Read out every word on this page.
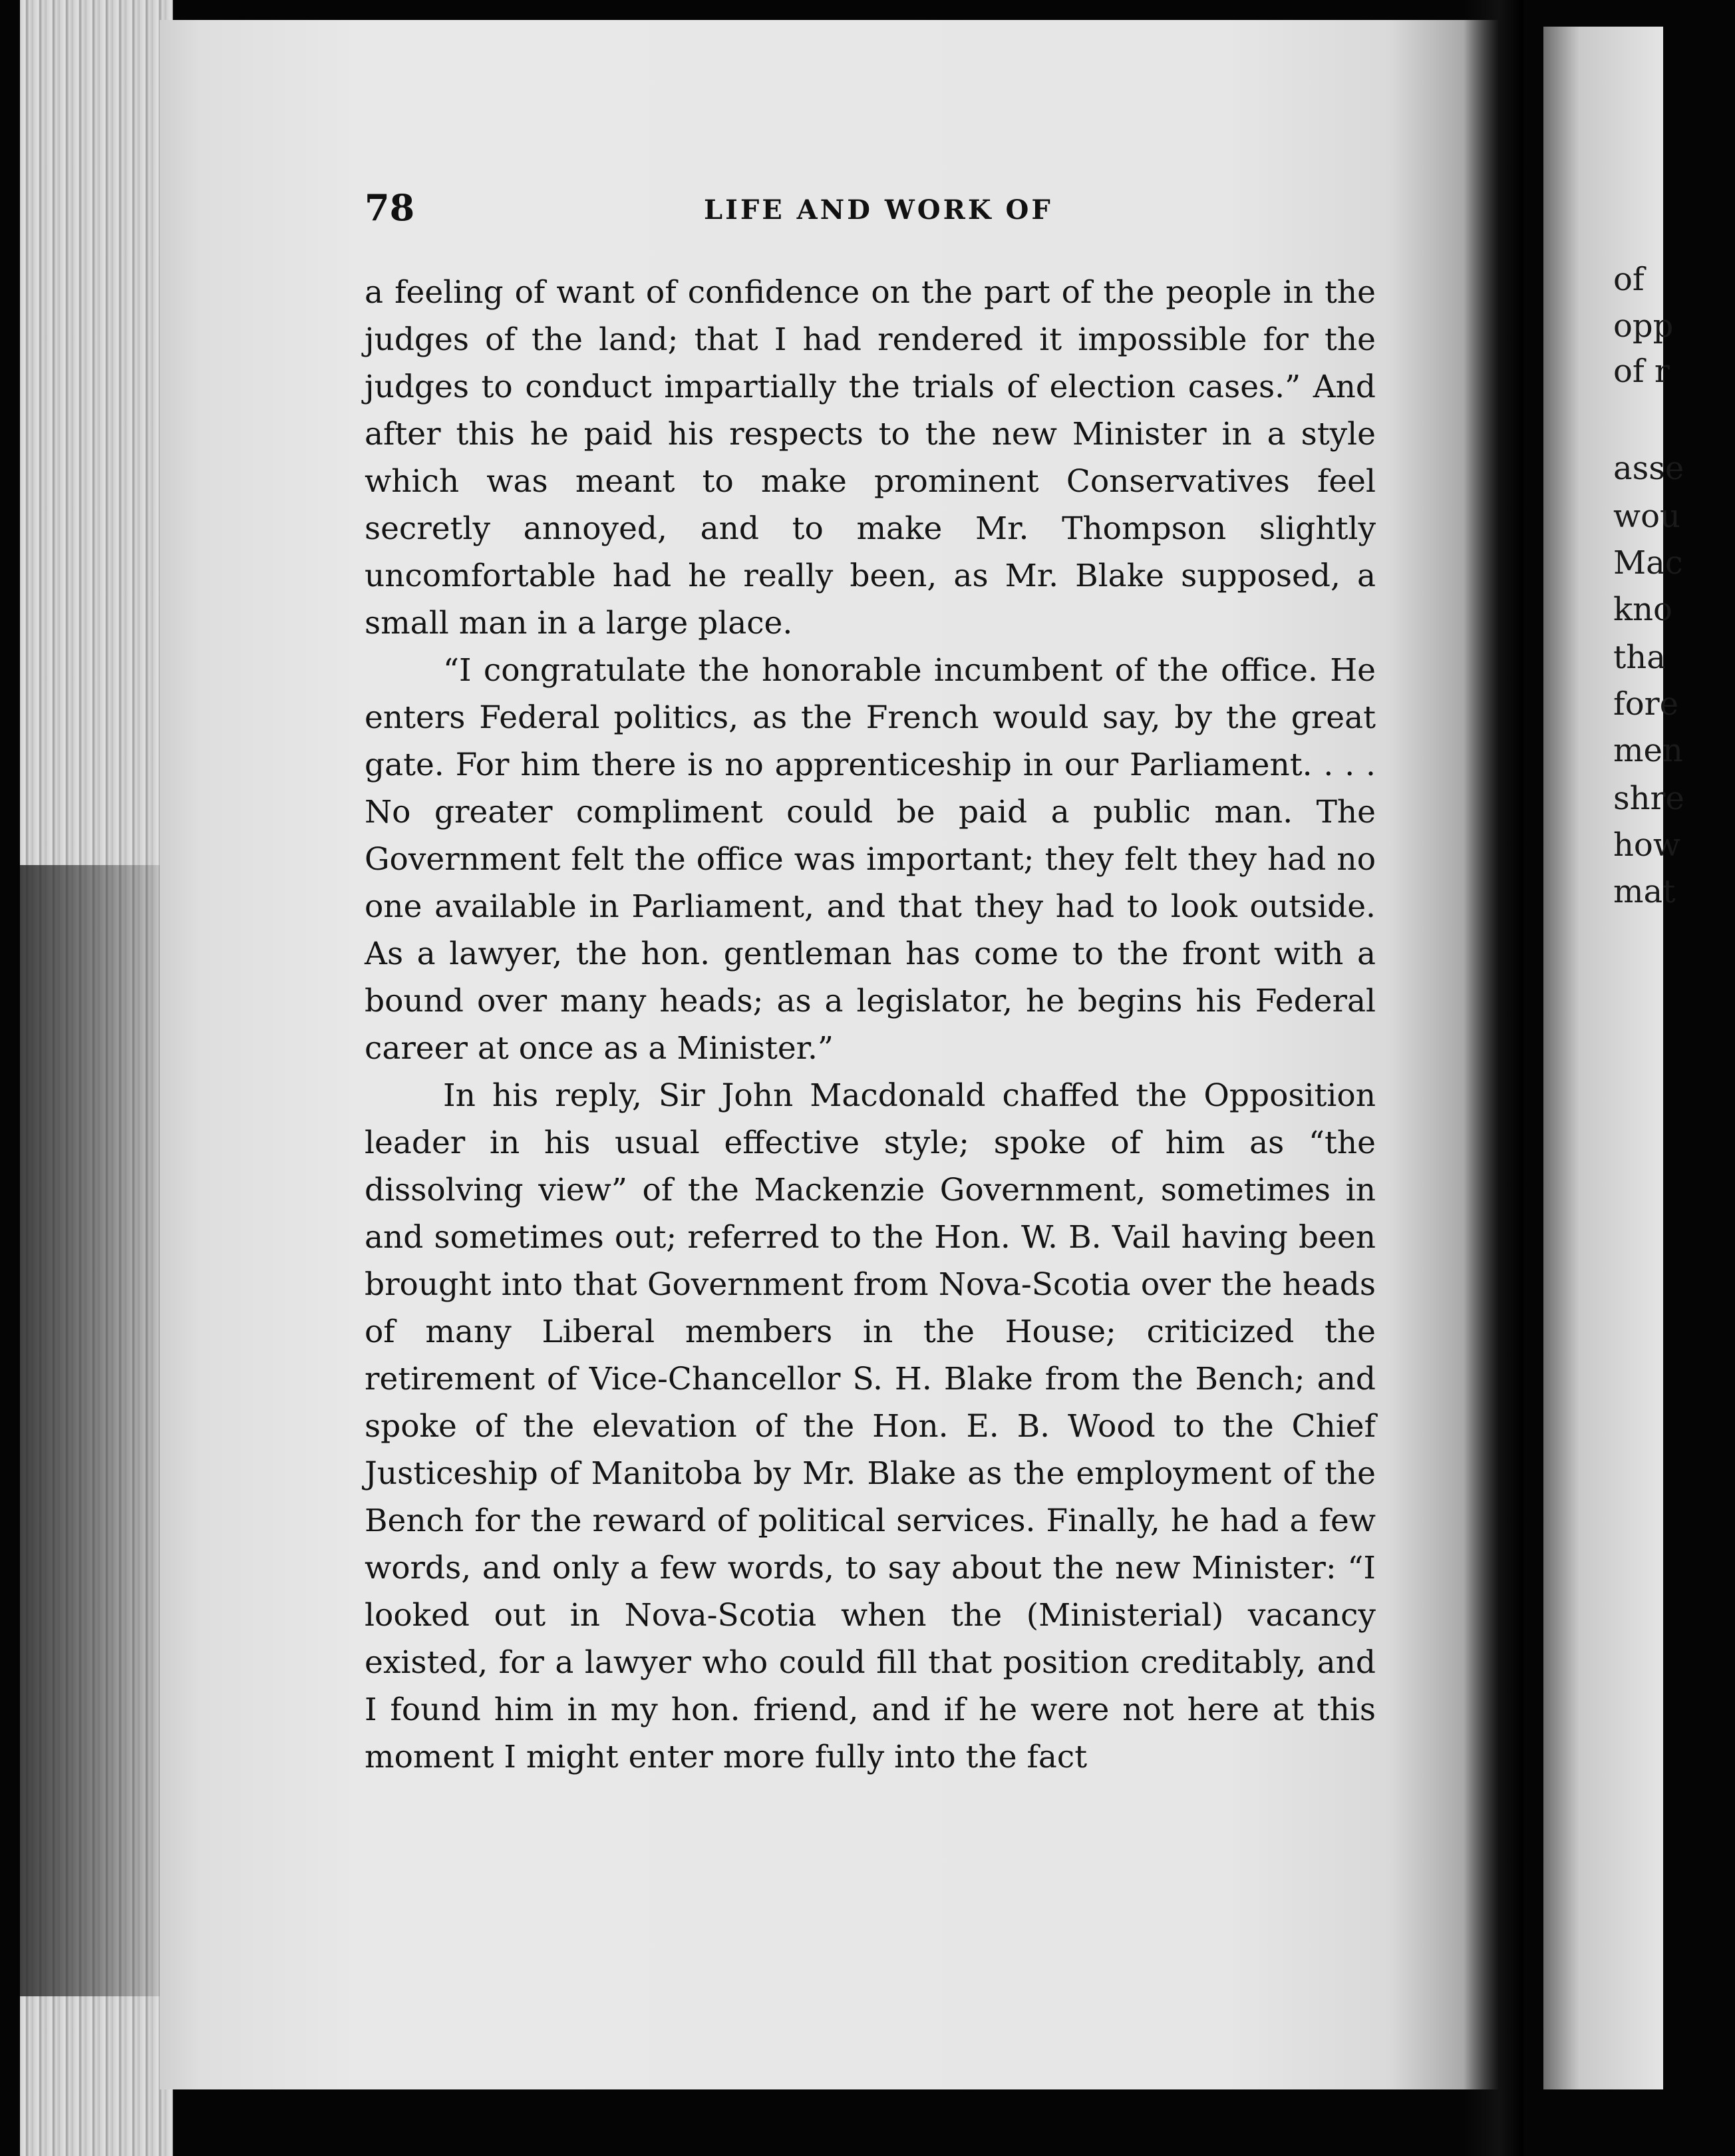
78	LIFE AND WORK OF

a feeling of want of confidence on the part of the people in the judges of the land; that I had rendered it impossible for the judges to conduct impartially the trials of election cases.” And after this he paid his respects to the new Minister in a style which was meant to make prominent Conservatives feel secretly annoyed, and to make Mr. Thompson slightly uncomfortable had he really been, as Mr. Blake supposed, a small man in a large place.

“I congratulate the honorable incumbent of the office. He enters Federal politics, as the French would say, by the great gate. For him there is no apprenticeship in our Parliament. . . . No greater compliment could be paid a public man. The Government felt the office was important; they felt they had no one available in Parliament, and that they had to look outside. As a lawyer, the hon. gentleman has come to the front with a bound over many heads; as a legislator, he begins his Federal career at once as a Minister.”

In his reply, Sir John Macdonald chaffed the Opposition leader in his usual effective style; spoke of him as “the dissolving view” of the Mackenzie Government, sometimes in and sometimes out; referred to the Hon. W. B. Vail having been brought into that Government from Nova-Scotia over the heads of many Liberal members in the House; criticized the retirement of Vice-Chancellor S. H. Blake from the Bench; and spoke of the elevation of the Hon. E. B. Wood to the Chief Justiceship of Manitoba by Mr. Blake as the employment of the Bench for the reward of political services. Finally, he had a few words, and only a few words, to say about the new Minister: “I looked out in Nova-Scotia when the (Ministerial) vacancy existed, for a lawyer who could fill that position creditably, and I found him in my hon. friend, and if he were not here at this moment I might enter more fully into the fact

of
opp
of r
asse
wou
Mac
kno
tha
fore
men
shre
how
mat
